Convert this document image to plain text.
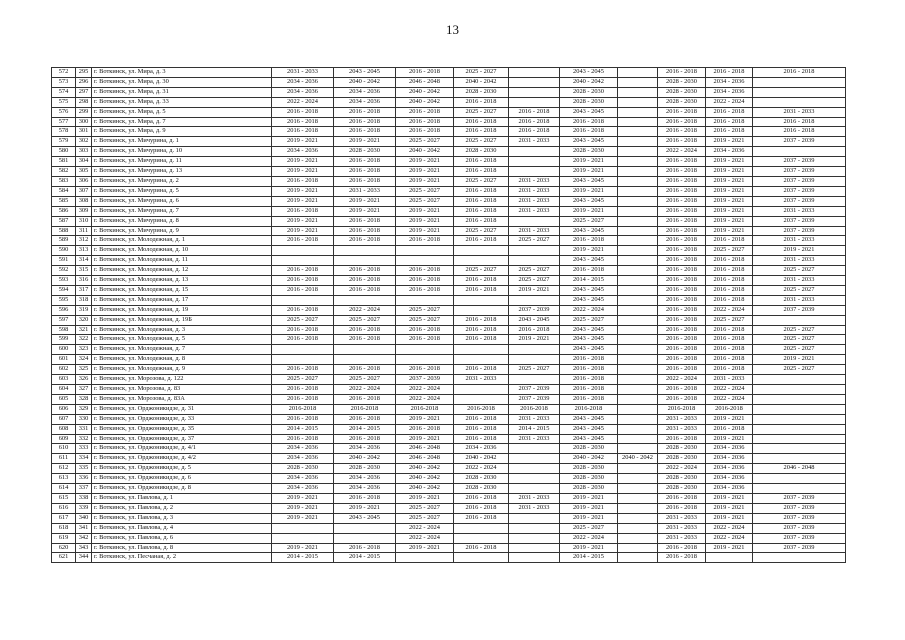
13
572	295	г. Воткинск, ул. Мира, д. 3	2031 - 2033	2043 - 2045	2016 - 2018	2025 - 2027		2043 - 2045		2016 - 2018	2016 - 2018	2016 - 2018
573	296	г. Воткинск, ул. Мира, д. 30	2034 - 2036	2040 - 2042	2046 - 2048	2040 - 2042		2040 - 2042		2028 - 2030	2034 - 2036	
574	297	г. Воткинск, ул. Мира, д. 31	2034 - 2036	2034 - 2036	2040 - 2042	2028 - 2030		2028 - 2030		2028 - 2030	2034 - 2036	
575	298	г. Воткинск, ул. Мира, д. 33	2022 - 2024	2034 - 2036	2040 - 2042	2016 - 2018		2028 - 2030		2028 - 2030	2022 - 2024	
576	299	г. Воткинск, ул. Мира, д. 5	2016 - 2018	2016 - 2018	2016 - 2018	2025 - 2027	2016 - 2018	2043 - 2045		2016 - 2018	2016 - 2018	2031 - 2033
577	300	г. Воткинск, ул. Мира, д. 7	2016 - 2018	2016 - 2018	2016 - 2018	2016 - 2018	2016 - 2018	2016 - 2018		2016 - 2018	2016 - 2018	2016 - 2018
578	301	г. Воткинск, ул. Мира, д. 9	2016 - 2018	2016 - 2018	2016 - 2018	2016 - 2018	2016 - 2018	2016 - 2018		2016 - 2018	2016 - 2018	2016 - 2018
579	302	г. Воткинск, ул. Мичурина, д. 1	2019 - 2021	2019 - 2021	2025 - 2027	2025 - 2027	2031 - 2033	2043 - 2045		2016 - 2018	2019 - 2021	2037 - 2039
580	303	г. Воткинск, ул. Мичурина, д. 10	2034 - 2036	2028 - 2030	2040 - 2042	2028 - 2030		2028 - 2030		2022 - 2024	2034 - 2036	
581	304	г. Воткинск, ул. Мичурина, д. 11	2019 - 2021	2016 - 2018	2019 - 2021	2016 - 2018		2019 - 2021		2016 - 2018	2019 - 2021	2037 - 2039
582	305	г. Воткинск, ул. Мичурина, д. 13	2019 - 2021	2016 - 2018	2019 - 2021	2016 - 2018		2019 - 2021		2016 - 2018	2019 - 2021	2037 - 2039
583	306	г. Воткинск, ул. Мичурина, д. 2	2016 - 2018	2016 - 2018	2019 - 2021	2025 - 2027	2031 - 2033	2043 - 2045		2016 - 2018	2019 - 2021	2037 - 2039
584	307	г. Воткинск, ул. Мичурина, д. 5	2019 - 2021	2031 - 2033	2025 - 2027	2016 - 2018	2031 - 2033	2019 - 2021		2016 - 2018	2019 - 2021	2037 - 2039
585	308	г. Воткинск, ул. Мичурина, д. 6	2019 - 2021	2019 - 2021	2025 - 2027	2016 - 2018	2031 - 2033	2043 - 2045		2016 - 2018	2019 - 2021	2037 - 2039
586	309	г. Воткинск, ул. Мичурина, д. 7	2016 - 2018	2019 - 2021	2019 - 2021	2016 - 2018	2031 - 2033	2019 - 2021		2016 - 2018	2019 - 2021	2031 - 2033
587	310	г. Воткинск, ул. Мичурина, д. 8	2019 - 2021	2016 - 2018	2019 - 2021	2016 - 2018		2025 - 2027		2016 - 2018	2019 - 2021	2037 - 2039
588	311	г. Воткинск, ул. Мичурина, д. 9	2019 - 2021	2016 - 2018	2019 - 2021	2025 - 2027	2031 - 2033	2043 - 2045		2016 - 2018	2019 - 2021	2037 - 2039
589	312	г. Воткинск, ул. Молодежная, д. 1	2016 - 2018	2016 - 2018	2016 - 2018	2016 - 2018	2025 - 2027	2016 - 2018		2016 - 2018	2016 - 2018	2031 - 2033
590	313	г. Воткинск, ул. Молодежная, д. 10						2019 - 2021		2016 - 2018	2025 - 2027	2019 - 2021
591	314	г. Воткинск, ул. Молодежная, д. 11						2043 - 2045		2016 - 2018	2016 - 2018	2031 - 2033
592	315	г. Воткинск, ул. Молодежная, д. 12	2016 - 2018	2016 - 2018	2016 - 2018	2025 - 2027	2025 - 2027	2016 - 2018		2016 - 2018	2016 - 2018	2025 - 2027
593	316	г. Воткинск, ул. Молодежная, д. 13	2016 - 2018	2016 - 2018	2016 - 2018	2016 - 2018	2025 - 2027	2014 - 2015		2016 - 2018	2016 - 2018	2031 - 2033
594	317	г. Воткинск, ул. Молодежная, д. 15	2016 - 2018	2016 - 2018	2016 - 2018	2016 - 2018	2019 - 2021	2043 - 2045		2016 - 2018	2016 - 2018	2025 - 2027
595	318	г. Воткинск, ул. Молодежная, д. 17						2043 - 2045		2016 - 2018	2016 - 2018	2031 - 2033
596	319	г. Воткинск, ул. Молодежная, д. 19	2016 - 2018	2022 - 2024	2025 - 2027		2037 - 2039	2022 - 2024		2016 - 2018	2022 - 2024	2037 - 2039
597	320	г. Воткинск, ул. Молодежная, д. 19Б	2025 - 2027	2025 - 2027	2025 - 2027	2016 - 2018	2043 - 2045	2025 - 2027		2016 - 2018	2025 - 2027	
598	321	г. Воткинск, ул. Молодежная, д. 3	2016 - 2018	2016 - 2018	2016 - 2018	2016 - 2018	2016 - 2018	2043 - 2045		2016 - 2018	2016 - 2018	2025 - 2027
599	322	г. Воткинск, ул. Молодежная, д. 5	2016 - 2018	2016 - 2018	2016 - 2018	2016 - 2018	2019 - 2021	2043 - 2045		2016 - 2018	2016 - 2018	2025 - 2027
600	323	г. Воткинск, ул. Молодежная, д. 7						2043 - 2045		2016 - 2018	2016 - 2018	2025 - 2027
601	324	г. Воткинск, ул. Молодежная, д. 8						2016 - 2018		2016 - 2018	2016 - 2018	2019 - 2021
602	325	г. Воткинск, ул. Молодежная, д. 9	2016 - 2018	2016 - 2018	2016 - 2018	2016 - 2018	2025 - 2027	2016 - 2018		2016 - 2018	2016 - 2018	2025 - 2027
603	326	г. Воткинск, ул. Морозова, д. 122	2025 - 2027	2025 - 2027	2037 - 2039	2031 - 2033		2016 - 2018		2022 - 2024	2031 - 2033	
604	327	г. Воткинск, ул. Морозова, д. 83	2016 - 2018	2022 - 2024	2022 - 2024		2037 - 2039	2016 - 2018		2016 - 2018	2022 - 2024	
605	328	г. Воткинск, ул. Морозова, д. 83А	2016 - 2018	2016 - 2018	2022 - 2024		2037 - 2039	2016 - 2018		2016 - 2018	2022 - 2024	
606	329	г. Воткинск, ул. Орджоникидзе, д. 31	2016-2018	2016-2018	2016-2018	2016-2018	2016-2018	2016-2018		2016-2018	2016-2018	
607	330	г. Воткинск, ул. Орджоникидзе, д. 33	2016 - 2018	2016 - 2018	2019 - 2021	2016 - 2018	2031 - 2033	2043 - 2045		2031 - 2033	2019 - 2021	
608	331	г. Воткинск, ул. Орджоникидзе, д. 35	2014 - 2015	2014 - 2015	2016 - 2018	2016 - 2018	2014 - 2015	2043 - 2045		2031 - 2033	2016 - 2018	
609	332	г. Воткинск, ул. Орджоникидзе, д. 37	2016 - 2018	2016 - 2018	2019 - 2021	2016 - 2018	2031 - 2033	2043 - 2045		2016 - 2018	2019 - 2021	
610	333	г. Воткинск, ул. Орджоникидзе, д. 4/1	2034 - 2036	2034 - 2036	2046 - 2048	2034 - 2036		2028 - 2030		2028 - 2030	2034 - 2036	
611	334	г. Воткинск, ул. Орджоникидзе, д. 4/2	2034 - 2036	2040 - 2042	2046 - 2048	2040 - 2042		2040 - 2042	2040 - 2042	2028 - 2030	2034 - 2036	
612	335	г. Воткинск, ул. Орджоникидзе, д. 5	2028 - 2030	2028 - 2030	2040 - 2042	2022 - 2024		2028 - 2030		2022 - 2024	2034 - 2036	2046 - 2048
613	336	г. Воткинск, ул. Орджоникидзе, д. 6	2034 - 2036	2034 - 2036	2040 - 2042	2028 - 2030		2028 - 2030		2028 - 2030	2034 - 2036	
614	337	г. Воткинск, ул. Орджоникидзе, д. 8	2034 - 2036	2034 - 2036	2040 - 2042	2028 - 2030		2028 - 2030		2028 - 2030	2034 - 2036	
615	338	г. Воткинск, ул. Павлова, д. 1	2019 - 2021	2016 - 2018	2019 - 2021	2016 - 2018	2031 - 2033	2019 - 2021		2016 - 2018	2019 - 2021	2037 - 2039
616	339	г. Воткинск, ул. Павлова, д. 2	2019 - 2021	2019 - 2021	2025 - 2027	2016 - 2018	2031 - 2033	2019 - 2021		2016 - 2018	2019 - 2021	2037 - 2039
617	340	г. Воткинск, ул. Павлова, д. 3	2019 - 2021	2043 - 2045	2025 - 2027	2016 - 2018		2019 - 2021		2031 - 2033	2019 - 2021	2037 - 2039
618	341	г. Воткинск, ул. Павлова, д. 4			2022 - 2024			2025 - 2027		2031 - 2033	2022 - 2024	2037 - 2039
619	342	г. Воткинск, ул. Павлова, д. 6			2022 - 2024			2022 - 2024		2031 - 2033	2022 - 2024	2037 - 2039
620	343	г. Воткинск, ул. Павлова, д. 8	2019 - 2021	2016 - 2018	2019 - 2021	2016 - 2018		2019 - 2021		2016 - 2018	2019 - 2021	2037 - 2039
621	344	г. Воткинск, ул. Песчаная, д. 2	2014 - 2015	2014 - 2015				2014 - 2015		2016 - 2018		
